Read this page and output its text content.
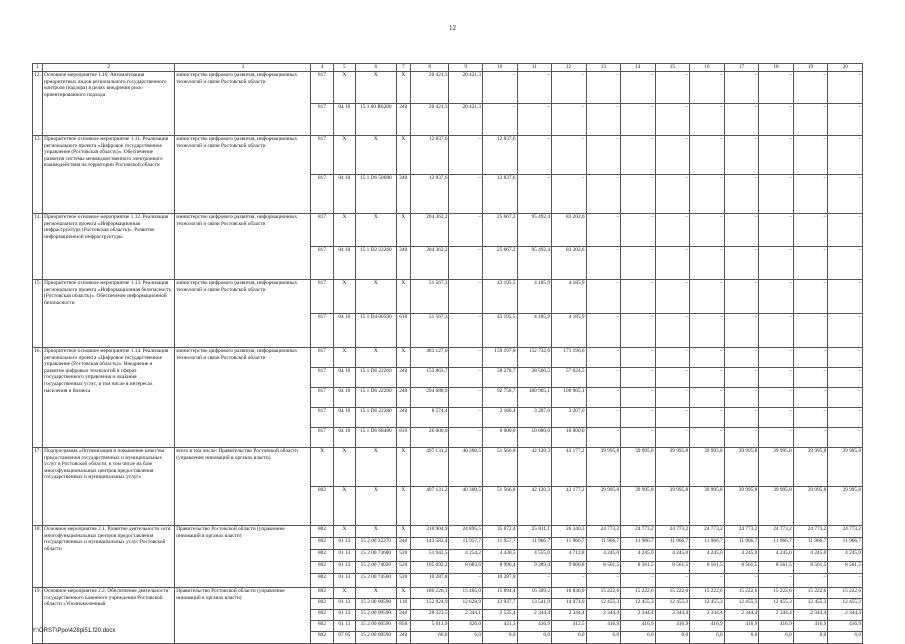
12
1	2	3	4	5	6	7	8	9	10	11	12	13	14	15	16	17	18	19	20
12.	Основное мероприятие 1.10. Автоматизация приоритетных видов регионального государственного контроля (надзора) в целях внедрения риск-ориентированного подхода	министерство цифрового развития, информационных технологий и связи Ростовской области	817	X	X	X	20 421,3	20 421,3	–	–	–	–	–	–	–	–	–	–	–
			817	04 10	15 1 00 R0280	240	20 421,3	20 421,3	–	–	–	–	–	–	–	–	–	–	–
13.	Приоритетное основное мероприятие 1.11. Реализация регионального проекта «Цифровое государственное управление (Ростовская область)». Обеспечение развития системы межведомственного электронного взаимодействия на территории Ростовской области	министерство цифрового развития, информационных технологий и связи Ростовской области	817	X	X	X	12 837,6	–	12 837,6	–	–	–	–	–	–	–	–	–	–
			817	04 10	15 1 D6 50680	240	12 837,6	–	12 837,6	–	–	–	–	–	–	–	–	–	–
14.	Приоритетное основное мероприятие 1.12. Реализация регионального проекта «Информационная инфраструктура (Ростовская область)». Развитие информационной инфраструктуры	министерство цифрового развития, информационных технологий и связи Ростовской области	817	X	X	X	204 362,2	–	25 667,2	95 492,4	83 202,6	–	–	–	–	–	–	–	–
			817	04 10	15 1 D2 22260	240	204 362,2	–	25 667,2	95 492,4	83 202,6	–	–	–	–	–	–	–	–
15.	Приоритетное основное мероприятие 1.13. Реализация регионального проекта «Информационная безопасность (Ростовская область)». Обеспечение информационной безопасности	министерство цифрового развития, информационных технологий и связи Ростовской области	817	X	X	X	51 567,3	–	43 195,5	4 185,9	4 185,9	–	–	–	–	–	–	–	–
			817	04 10	15 1 D4 00590	610	51 567,3	–	43 195,5	4 185,9	4 185,9	–	–	–	–	–	–	–	–
16.	Приоритетное основное мероприятие 1.14. Реализация регионального проекта «Цифровое государственное управление (Ростовская область)». Внедрение и развитие цифровых технологий в сферах государственного управления и оказания государственных услуг, в том числе в интересах населения и бизнеса	министерство цифрового развития, информационных технологий и связи Ростовской области	817	X	X	X	483 127,0	–	159 197,8	152 732,6	171 196,6	–	–	–	–	–	–	–	–
			817	04 10	15 1 D6 22260	240	153 863,7	–	58 278,7	38 560,5	57 024,5	–	–	–	–	–	–	–	–
			817	04 10	15 1 D6 22290	240	294 688,9	–	92 758,7	100 965,1	100 965,1	–	–	–	–	–	–	–	–
			817	04 10	15 1 D6 22280	240	8 574,4	–	2 160,4	3 207,0	3 207,0	–	–	–	–	–	–	–	–
			817	04 10	15 1 D6 68480	810	26 000,0	–	6 000,0	10 000,0	10 000,0	–	–	–	–	–	–	–	–
17.	Подпрограмма «Оптимизация и повышение качества предоставления государственных и муниципальных услуг в Ростовской области, в том числе на базе многофункциональных центров предоставления государственных и муниципальных услуг»	всего в том числе: Правительство Ростовской области (управление инноваций в органах власти)	X	X	X	X	497 131,2	40 300,5	51 566,8	42 120,3	43 177,2	39 995,8	39 995,8	39 995,8	39 995,8	39 995,8	39 995,8	39 995,8	39 995,8
			802	X	X	X	497 131,2	40 300,5	51 566,8	42 120,3	43 177,2	39 995,8	39 995,8	39 995,8	39 995,8	39 995,8	39 995,8	39 995,8	39 995,8
18.	Основное мероприятие 2.1. Развитие деятельности сети многофункциональных центров предоставления государственных и муниципальных услуг Ростовской области	Правительство Ростовской области (управление инноваций в органах власти)	802	X	X	X	310 904,9	24 895,5	35 672,4	25 811,1	26 340,3	24 773,2	24 773,2	24 773,2	24 773,2	24 773,2	24 773,2	24 773,2	24 773,2
			802	01 13	15 2 00 22270	240	143 582,4	11 957,7	11 957,7	11 966,7	11 966,7	11 966,7	11 966,7	11 966,7	11 966,7	11 966,7	11 966,7	11 966,7	11 966,7
			802	01 13	15 2 00 73600	520	51 942,5	4 254,2	4 430,5	4 555,0	4 712,8	4 245,0	4 245,0	4 245,0	4 245,0	4 245,0	4 245,0	4 245,0	4 245,0
			802	01 13	15 2 00 74020	520	105 092,2	8 683,6	8 996,4	9 289,4	9 660,8	8 561,5	8 561,5	8 561,5	8 561,5	8 561,5	8 561,5	8 561,5	8 561,5
			802	01 13	15 2 00 74560	520	10 287,8	–	10 287,8	–	–	–	–	–	–	–	–	–	–
19.	Основное мероприятие 2.2. Обеспечение деятельности государственного казенного учреждения Ростовской области «Уполномоченный	Правительство Ростовской области (управление инноваций в органах власти)	802	X	X	X	186 226,3	15 405,0	15 894,4	16 309,2	16 836,9	15 222,6	15 222,6	15 222,6	15 222,6	15 222,6	15 222,6	15 222,6	15 222,6
			802	01 13	15 2 00 00590	110	152 824,9	12 628,9	12 937,7	13 541,9	14 074,0	12 455,3	12 455,3	12 455,3	12 455,3	12 455,3	12 455,3	12 455,3	12 455,3
			802	01 13	15 2 00 00590	240	28 323,5	2 344,1	2 535,4	2 344,4	2 344,4	2 344,4	2 344,4	2 344,4	2 344,4	2 344,4	2 344,4	2 344,4	2 344,4
			802	01 13	15 2 00 00590	850	5 011,9	426,0	421,3	416,9	412,5	416,9	416,9	416,9	416,9	416,9	416,9	416,9	416,9
			802	07 05	15 2 00 00590	240	66,0	6,0	0,0	6,0	6,0	6,0	6,0	6,0	6,0	6,0	6,0	6,0	6,0
Y:\ORST\Ppo\428pi51.f20.docx
